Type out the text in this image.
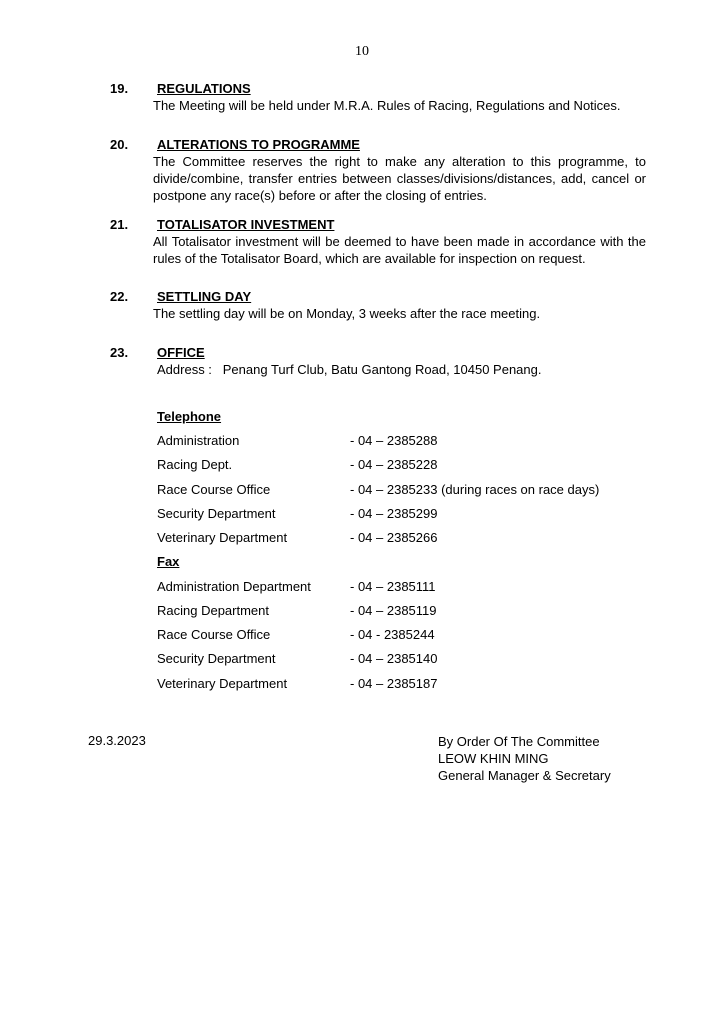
10
19. REGULATIONS
The Meeting will be held under M.R.A. Rules of Racing, Regulations and Notices.
20. ALTERATIONS TO PROGRAMME
The Committee reserves the right to make any alteration to this programme, to divide/combine, transfer entries between classes/divisions/distances, add, cancel or postpone any race(s) before or after the closing of entries.
21. TOTALISATOR INVESTMENT
All Totalisator investment will be deemed to have been made in accordance with the rules of the Totalisator Board, which are available for inspection on request.
22. SETTLING DAY
The settling day will be on Monday, 3 weeks after the race meeting.
23. OFFICE
Address :   Penang Turf Club, Batu Gantong Road, 10450 Penang.
Telephone
Administration	- 04 – 2385288
Racing Dept.	- 04 – 2385228
Race Course Office	- 04 – 2385233 (during races on race days)
Security Department	- 04 – 2385299
Veterinary Department	- 04 – 2385266
Fax
Administration Department	- 04 – 2385111
Racing Department	- 04 – 2385119
Race Course Office	- 04 - 2385244
Security Department	- 04 – 2385140
Veterinary Department	- 04 – 2385187
29.3.2023	By Order Of The Committee
LEOW KHIN MING
General Manager & Secretary
